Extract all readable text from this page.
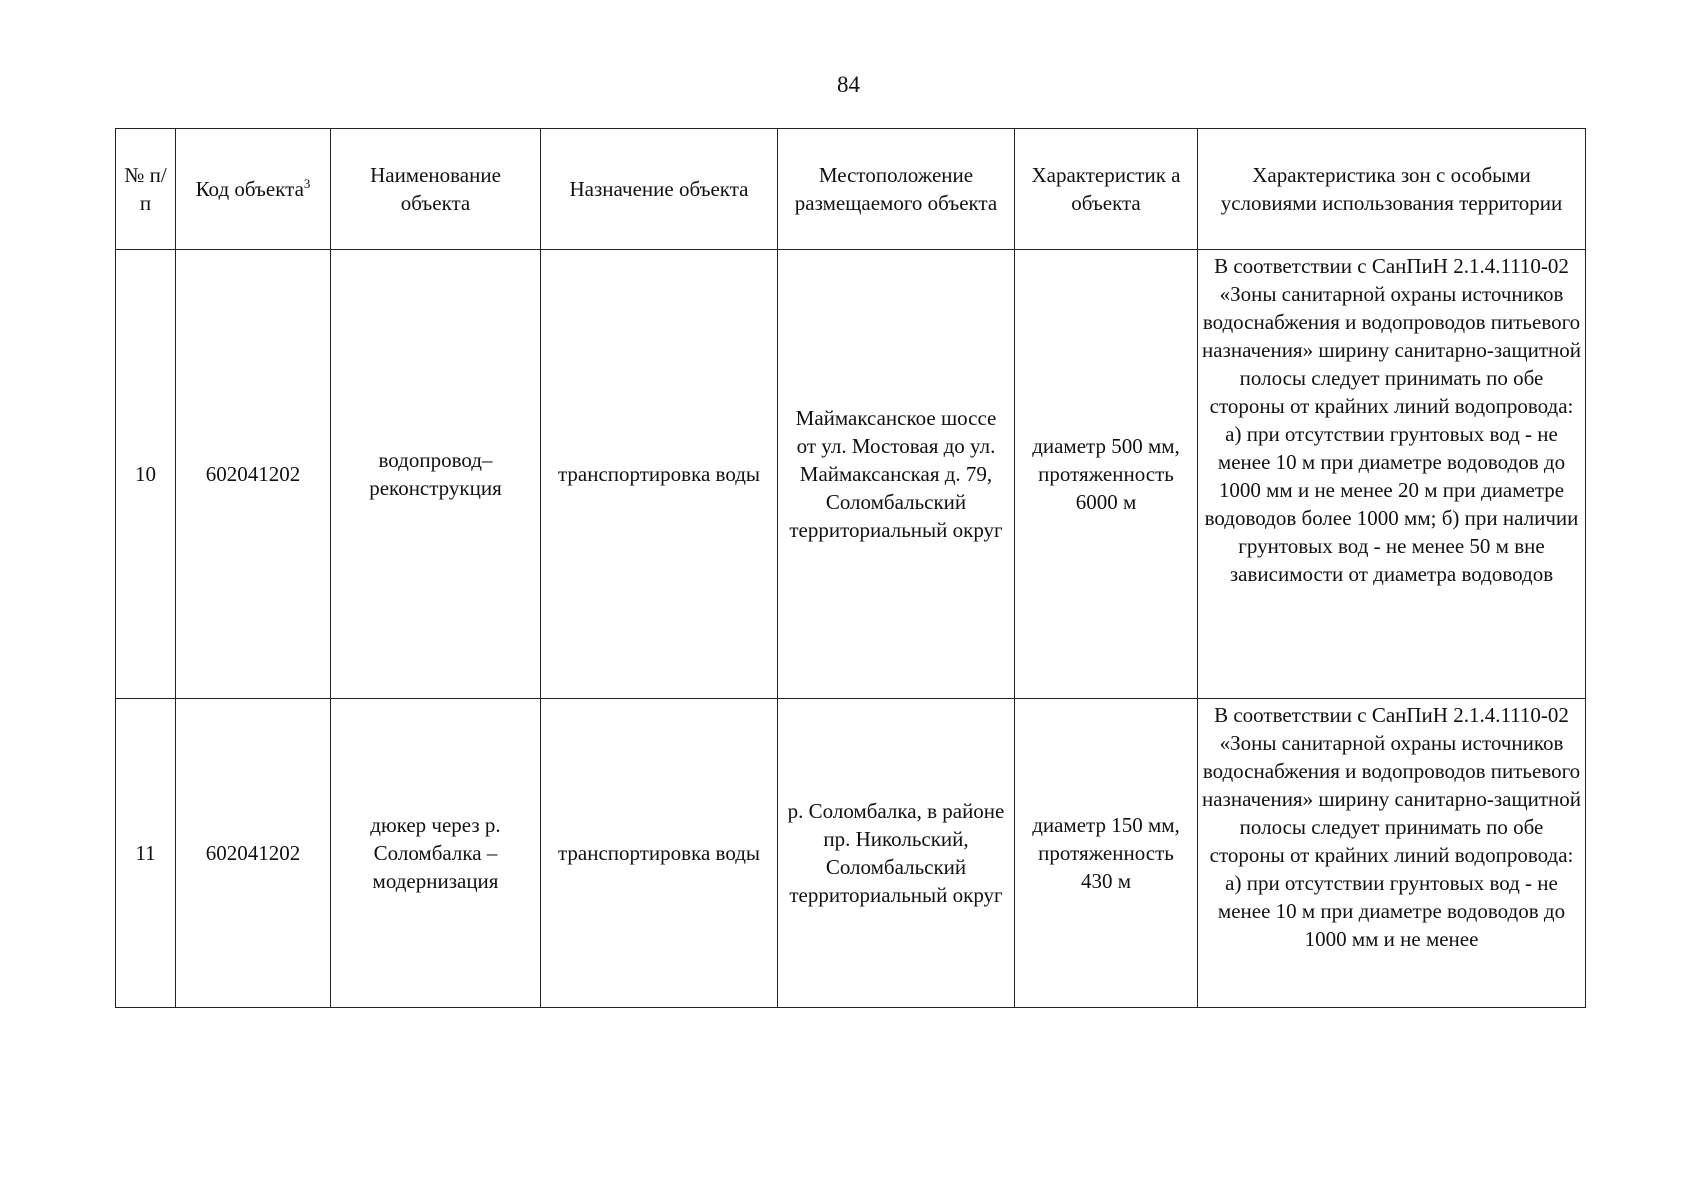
84
№ п/п	Код объекта$^3$	Наименование объекта	Назначение объекта	Местоположение размещаемого объекта	Характеристик а объекта	Характеристика зон с особыми условиями использования территории
10	602041202	водопровод– реконструкция	транспортировка воды	Маймаксанское шоссе от ул. Мостовая до ул. Маймаксанская д. 79, Соломбальский территориальный округ	диаметр 500 мм, протяженность 6000 м	В соответствии с СанПиН 2.1.4.1110-02 «Зоны санитарной охраны источников водоснабжения и водопроводов питьевого назначения» ширину санитарно-защитной полосы следует принимать по обе стороны от крайних линий водопровода: а) при отсутствии грунтовых вод - не менее 10 м при диаметре водоводов до 1000 мм и не менее 20 м при диаметре водоводов более 1000 мм; б) при наличии грунтовых вод - не менее 50 м вне зависимости от диаметра водоводов

11	602041202	дюкер через р. Соломбалка – модернизация	транспортировка воды	р. Соломбалка, в районе пр. Никольский, Соломбальский территориальный округ	диаметр 150 мм, протяженность 430 м	В соответствии с СанПиН 2.1.4.1110-02 «Зоны санитарной охраны источников водоснабжения и водопроводов питьевого назначения» ширину санитарно-защитной полосы следует принимать по обе стороны от крайних линий водопровода: а) при отсутствии грунтовых вод - не менее 10 м при диаметре водоводов до 1000 мм и не менее
